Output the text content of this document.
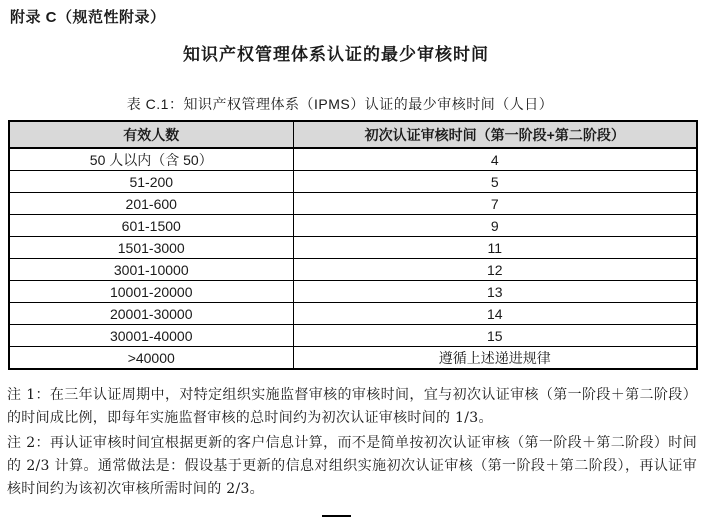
附录 C（规范性附录）
知识产权管理体系认证的最少审核时间
表 C.1：知识产权管理体系（IPMS）认证的最少审核时间（人日）
有效人数	初次认证审核时间（第一阶段+第二阶段）
50 人以内（含 50）	4
51-200	5
201-600	7
601-1500	9
1501-3000	11
3001-10000	12
10001-20000	13
20001-30000	14
30001-40000	15
>40000	遵循上述递进规律

注 1：在三年认证周期中，对特定组织实施监督审核的审核时间，宜与初次认证审核（第一阶段＋第二阶段）的时间成比例，即每年实施监督审核的总时间约为初次认证审核时间的 1/3。

注 2：再认证审核时间宜根据更新的客户信息计算，而不是简单按初次认证审核（第一阶段＋第二阶段）时间的 2/3 计算。通常做法是：假设基于更新的信息对组织实施初次认证审核（第一阶段＋第二阶段），再认证审核时间约为该初次审核所需时间的 2/3。
